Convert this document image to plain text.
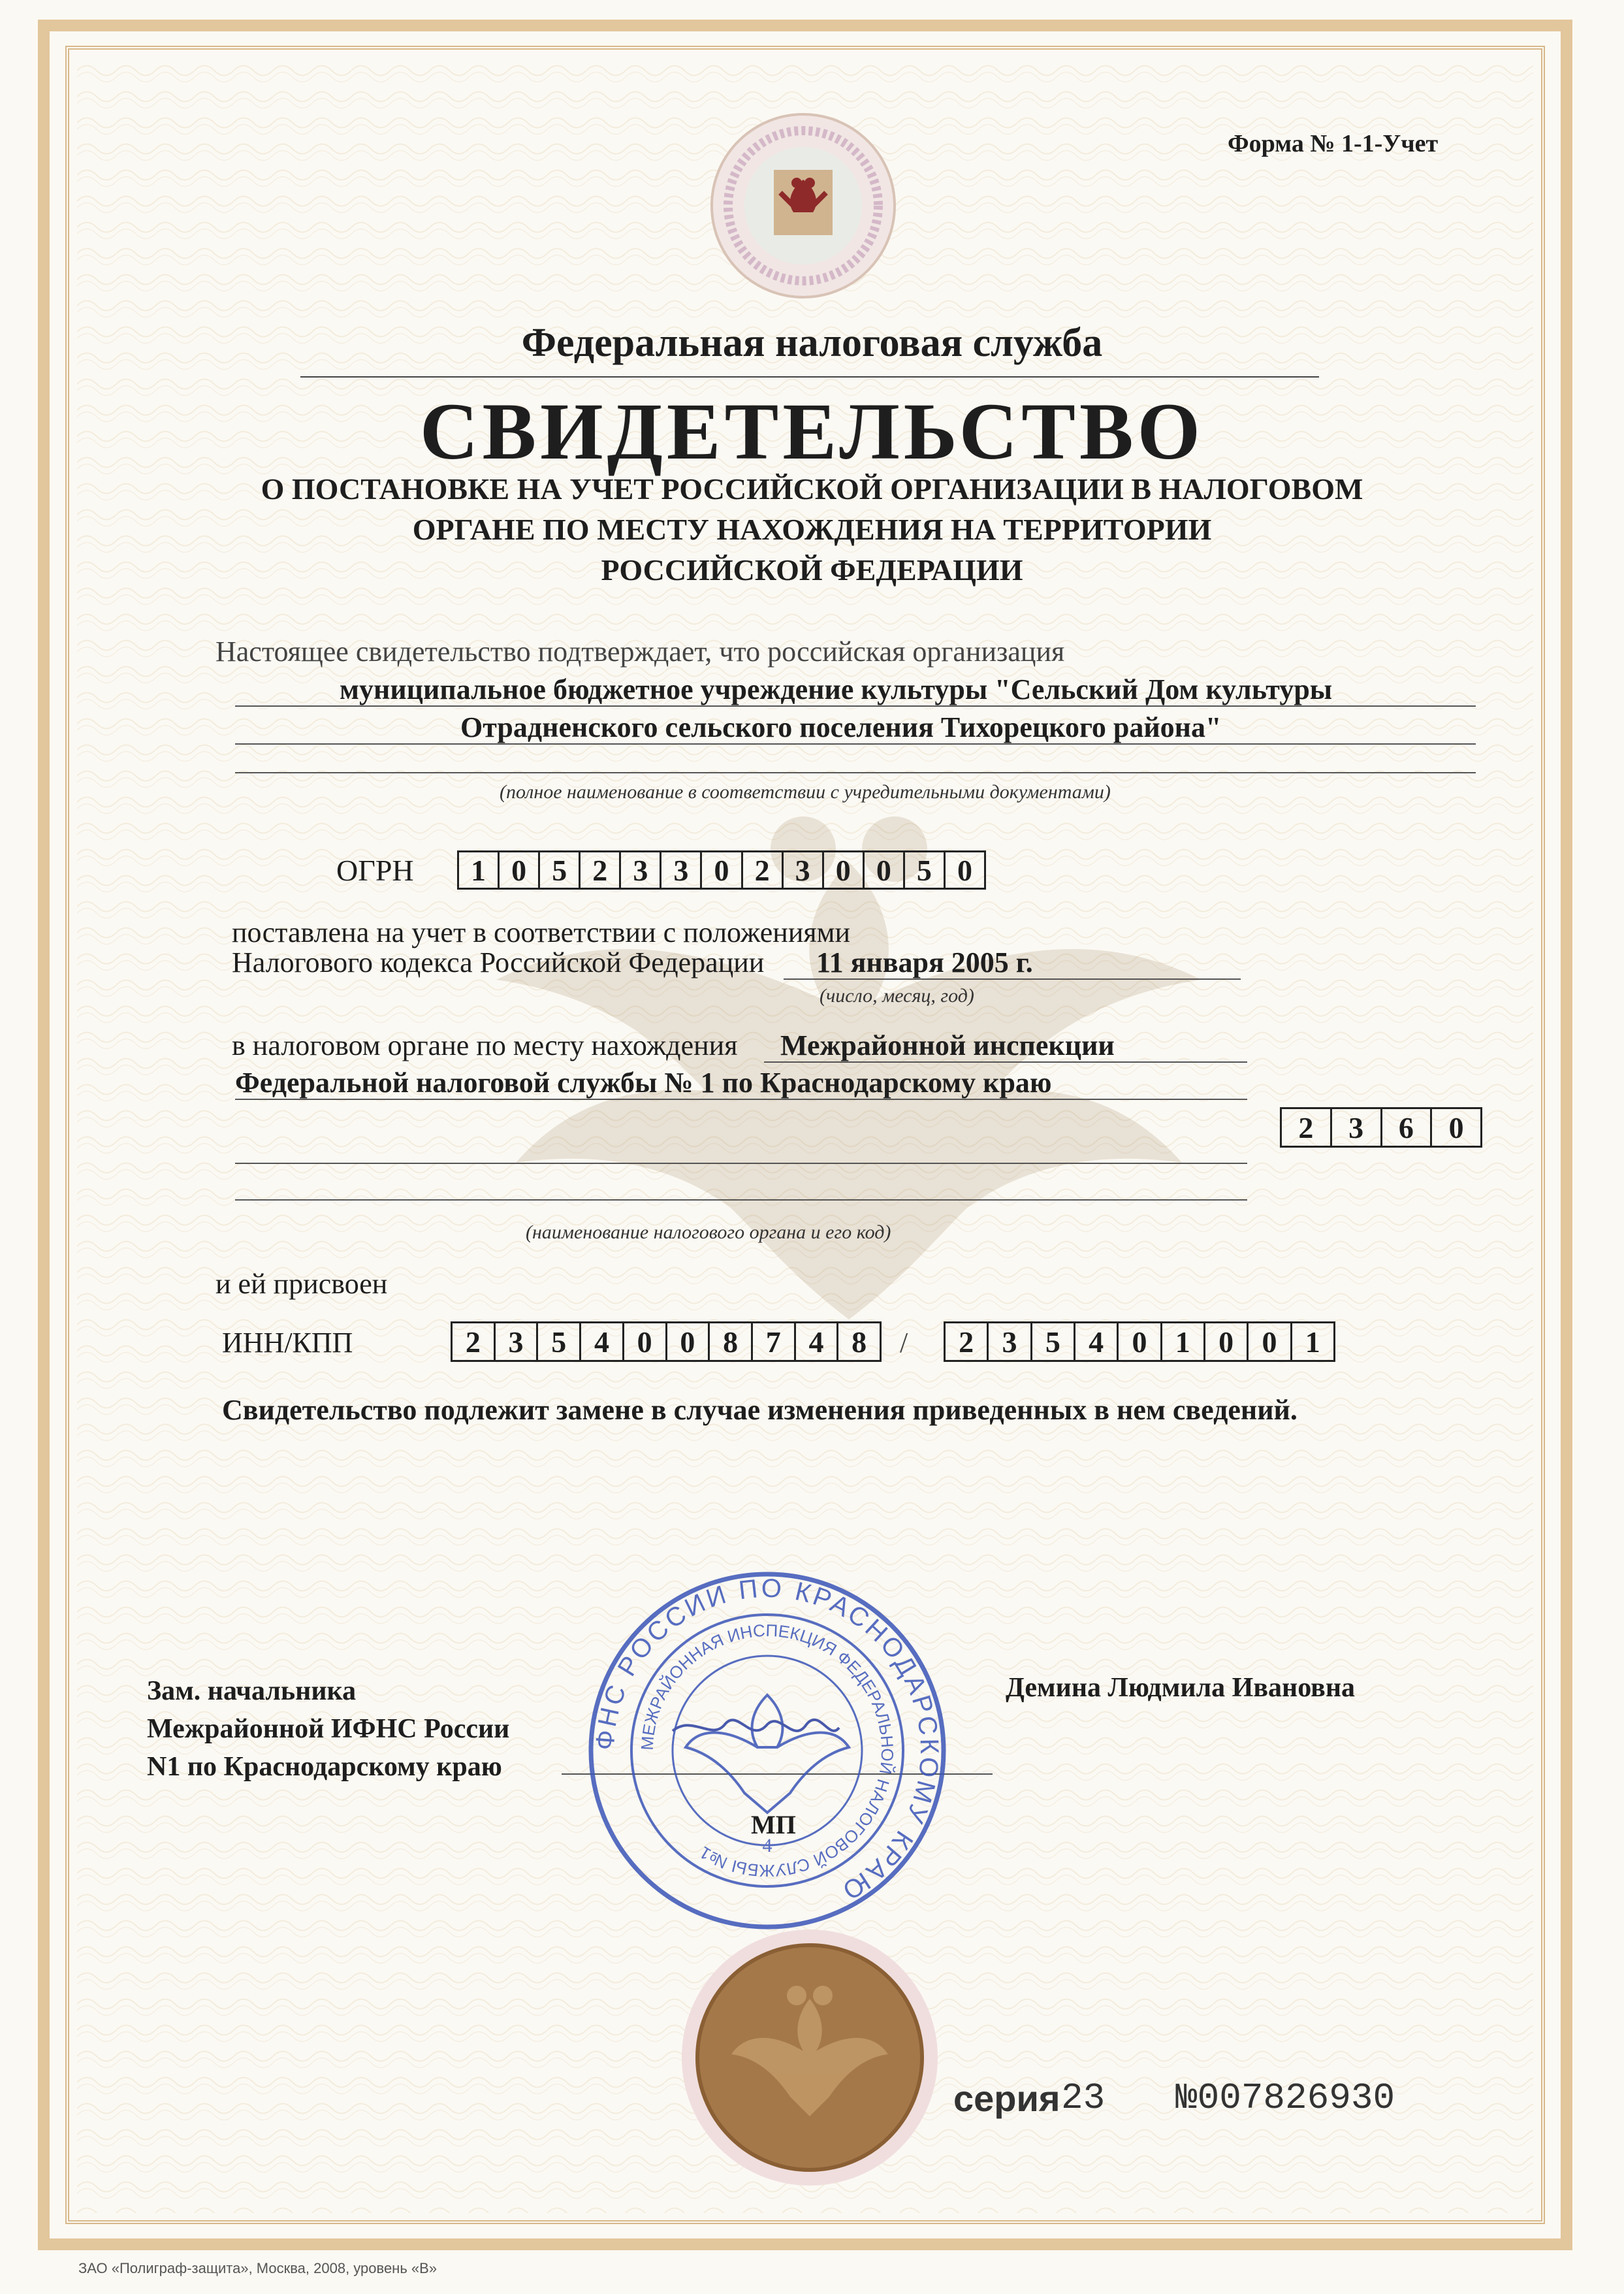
Форма № 1-1-Учет
Федеральная налоговая служба
СВИДЕТЕЛЬСТВО
О ПОСТАНОВКЕ НА УЧЕТ РОССИЙСКОЙ ОРГАНИЗАЦИИ В НАЛОГОВОМ
ОРГАНЕ ПО МЕСТУ НАХОЖДЕНИЯ НА ТЕРРИТОРИИ
РОССИЙСКОЙ ФЕДЕРАЦИИ
Настоящее свидетельство подтверждает, что российская организация
муниципальное бюджетное учреждение культуры "Сельский Дом культуры
Отрадненского сельского поселения Тихорецкого района"
(полное наименование в соответствии с учредительными документами)
ОГРН	1 0 5 2 3 3 0 2 3 0 0 5 0
поставлена на учет в соответствии с положениями
Налогового кодекса Российской Федерации 11 января 2005 г.
(число, месяц, год)
в налоговом органе по месту нахождения Межрайонной инспекции
Федеральной налоговой службы № 1 по Краснодарскому краю
2	3	6	0
(наименование налогового органа и его код)
и ей присвоен
ИНН/КПП	2 3 5 4 0 0 8 7 4 8	/	2 3 5 4 0 1 0 0 1
Свидетельство подлежит замене в случае изменения приведенных в нем сведений.
Зам. начальника
Межрайонной ИФНС России
N1 по Краснодарскому краю
Демина Людмила Ивановна
МП
ФНС РОССИИ ПО КРАСНОДАРСКОМУ КРАЮ
МЕЖРАЙОННАЯ ИНСПЕКЦИЯ ФЕДЕРАЛЬНОЙ НАЛОГОВОЙ СЛУЖБЫ №1	4
серия 23 №007826930
ЗАО «Полиграф-защита», Москва, 2008, уровень «В»
